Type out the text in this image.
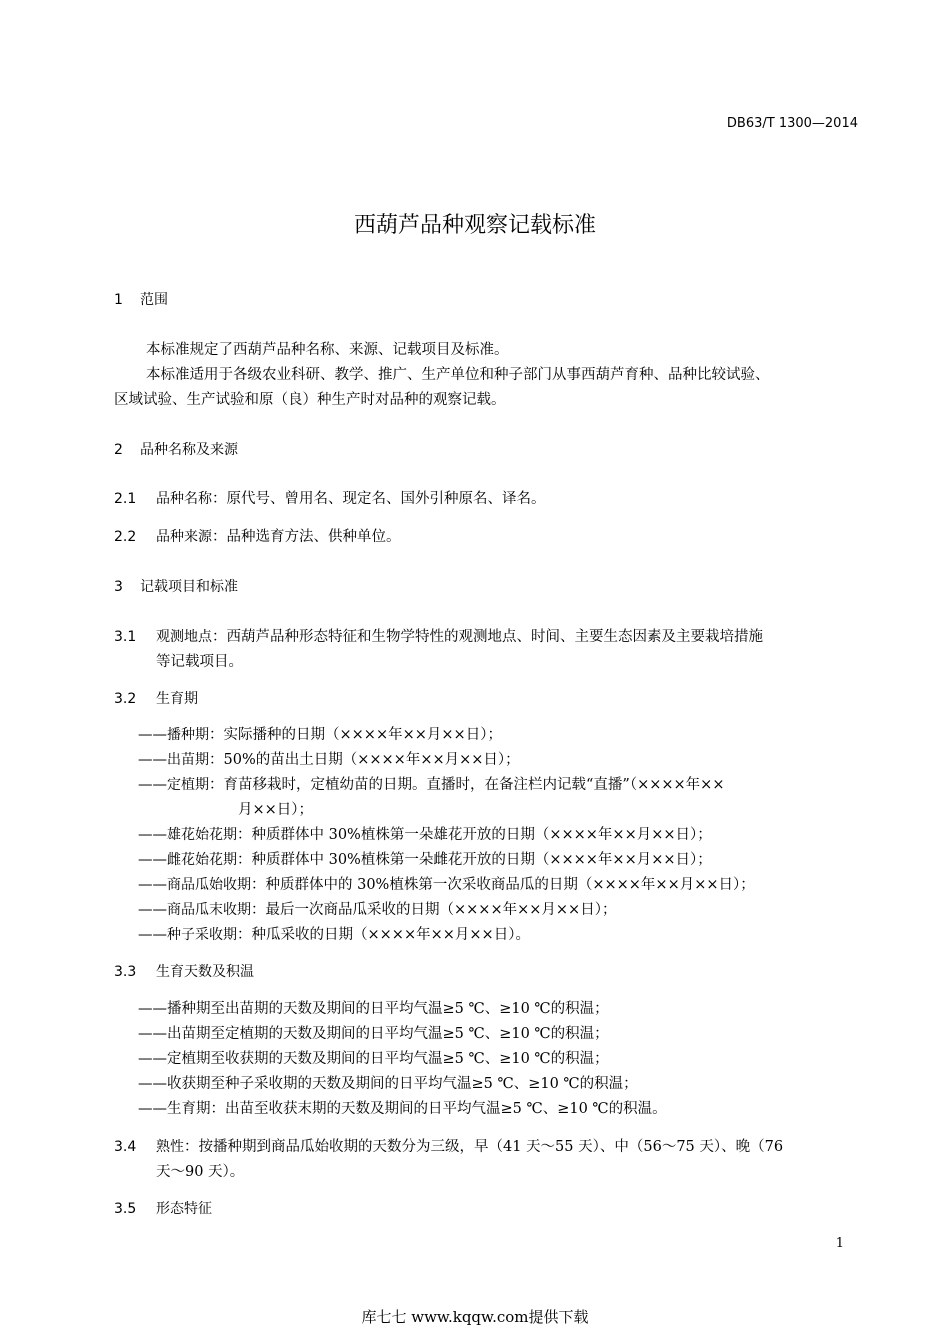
DB63/T 1300—2014
西葫芦品种观察记载标准
1 范围
本标准规定了西葫芦品种名称、来源、记载项目及标准。
本标准适用于各级农业科研、教学、推广、生产单位和种子部门从事西葫芦育种、品种比较试验、
区域试验、生产试验和原（良）种生产时对品种的观察记载。
2 品种名称及来源
2.1 品种名称：原代号、曾用名、现定名、国外引种原名、译名。
2.2 品种来源：品种选育方法、供种单位。
3 记载项目和标准
3.1 观测地点：西葫芦品种形态特征和生物学特性的观测地点、时间、主要生态因素及主要栽培措施
等记载项目。
3.2 生育期
——播种期：实际播种的日期（××××年××月××日）；
——出苗期：50%的苗出土日期（××××年××月××日）；
——定植期：育苗移栽时，定植幼苗的日期。直播时，在备注栏内记载“直播”（××××年××
月××日）；
——雄花始花期：种质群体中 30%植株第一朵雄花开放的日期（××××年××月××日）；
——雌花始花期：种质群体中 30%植株第一朵雌花开放的日期（××××年××月××日）；
——商品瓜始收期：种质群体中的 30%植株第一次采收商品瓜的日期（××××年××月××日）；
——商品瓜末收期：最后一次商品瓜采收的日期（××××年××月××日）；
——种子采收期：种瓜采收的日期（××××年××月××日）。
3.3 生育天数及积温
——播种期至出苗期的天数及期间的日平均气温≥5 ℃、≥10 ℃的积温；
——出苗期至定植期的天数及期间的日平均气温≥5 ℃、≥10 ℃的积温；
——定植期至收获期的天数及期间的日平均气温≥5 ℃、≥10 ℃的积温；
——收获期至种子采收期的天数及期间的日平均气温≥5 ℃、≥10 ℃的积温；
——生育期：出苗至收获末期的天数及期间的日平均气温≥5 ℃、≥10 ℃的积温。
3.4 熟性：按播种期到商品瓜始收期的天数分为三级，早（41 天～55 天）、中（56～75 天）、晚（76
天～90 天）。
3.5 形态特征
1
库七七 www.kqqw.com提供下载
